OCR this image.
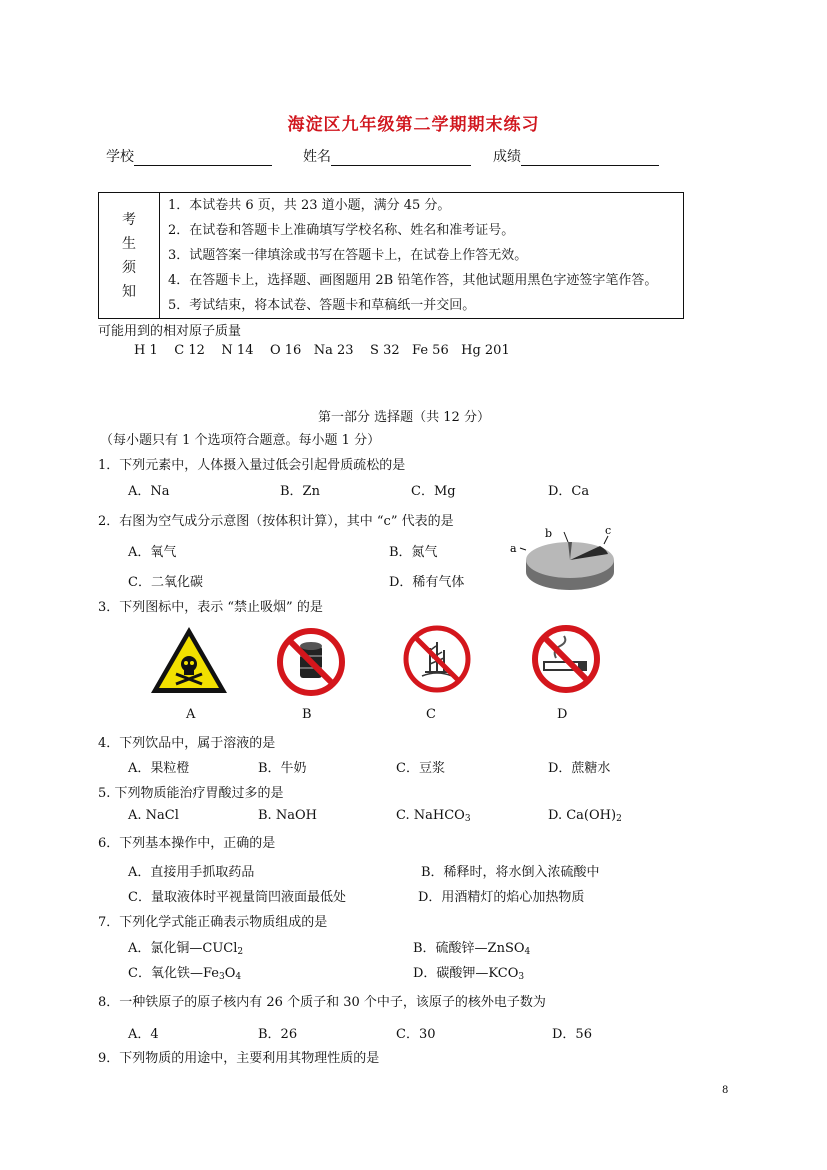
海淀区九年级第二学期期末练习
学校	姓名	成绩
考
生
须
知

1．本试卷共 6 页，共 23 道小题，满分 45 分。
2．在试卷和答题卡上准确填写学校名称、姓名和准考证号。
3．试题答案一律填涂或书写在答题卡上，在试卷上作答无效。
4．在答题卡上，选择题、画图题用 2B 铅笔作答，其他试题用黑色字迹签字笔作答。
5．考试结束，将本试卷、答题卡和草稿纸一并交回。
可能用到的相对原子质量
H 1    C 12    N 14    O 16   Na 23    S 32   Fe 56   Hg 201
第一部分 选择题（共 12 分）
（每小题只有 1 个选项符合题意。每小题 1 分）
1．下列元素中，人体摄入量过低会引起骨质疏松的是
A．Na	B．Zn	C．Mg	D．Ca
2．右图为空气成分示意图（按体积计算），其中 “c” 代表的是
A．氧气	B．氮气
C．二氧化碳	D．稀有气体
a
b	c
3．下列图标中，表示 “禁止吸烟” 的是
A	B	C	D
4．下列饮品中，属于溶液的是
A．果粒橙	B．牛奶	C．豆浆	D．蔗糖水
5. 下列物质能治疗胃酸过多的是
A. NaCl	B. NaOH	C. NaHCO$_3$	D. $Ca(OH)_2$
6．下列基本操作中，正确的是
A．直接用手抓取药品	B．稀释时，将水倒入浓硫酸中
C．量取液体时平视量筒凹液面最低处	D．用酒精灯的焰心加热物质
7．下列化学式能正确表示物质组成的是
A．氯化铜—CUCl$_2$	B．硫酸锌—ZnSO$_4$
C．氧化铁$—Fe_3O_4$	D．碳酸钾$—KCO_3$
8．一种铁原子的原子核内有 26 个质子和 30 个中子，该原子的核外电子数为
A．4	B．26	C．30	D．56
9．下列物质的用途中，主要利用其物理性质的是
8
